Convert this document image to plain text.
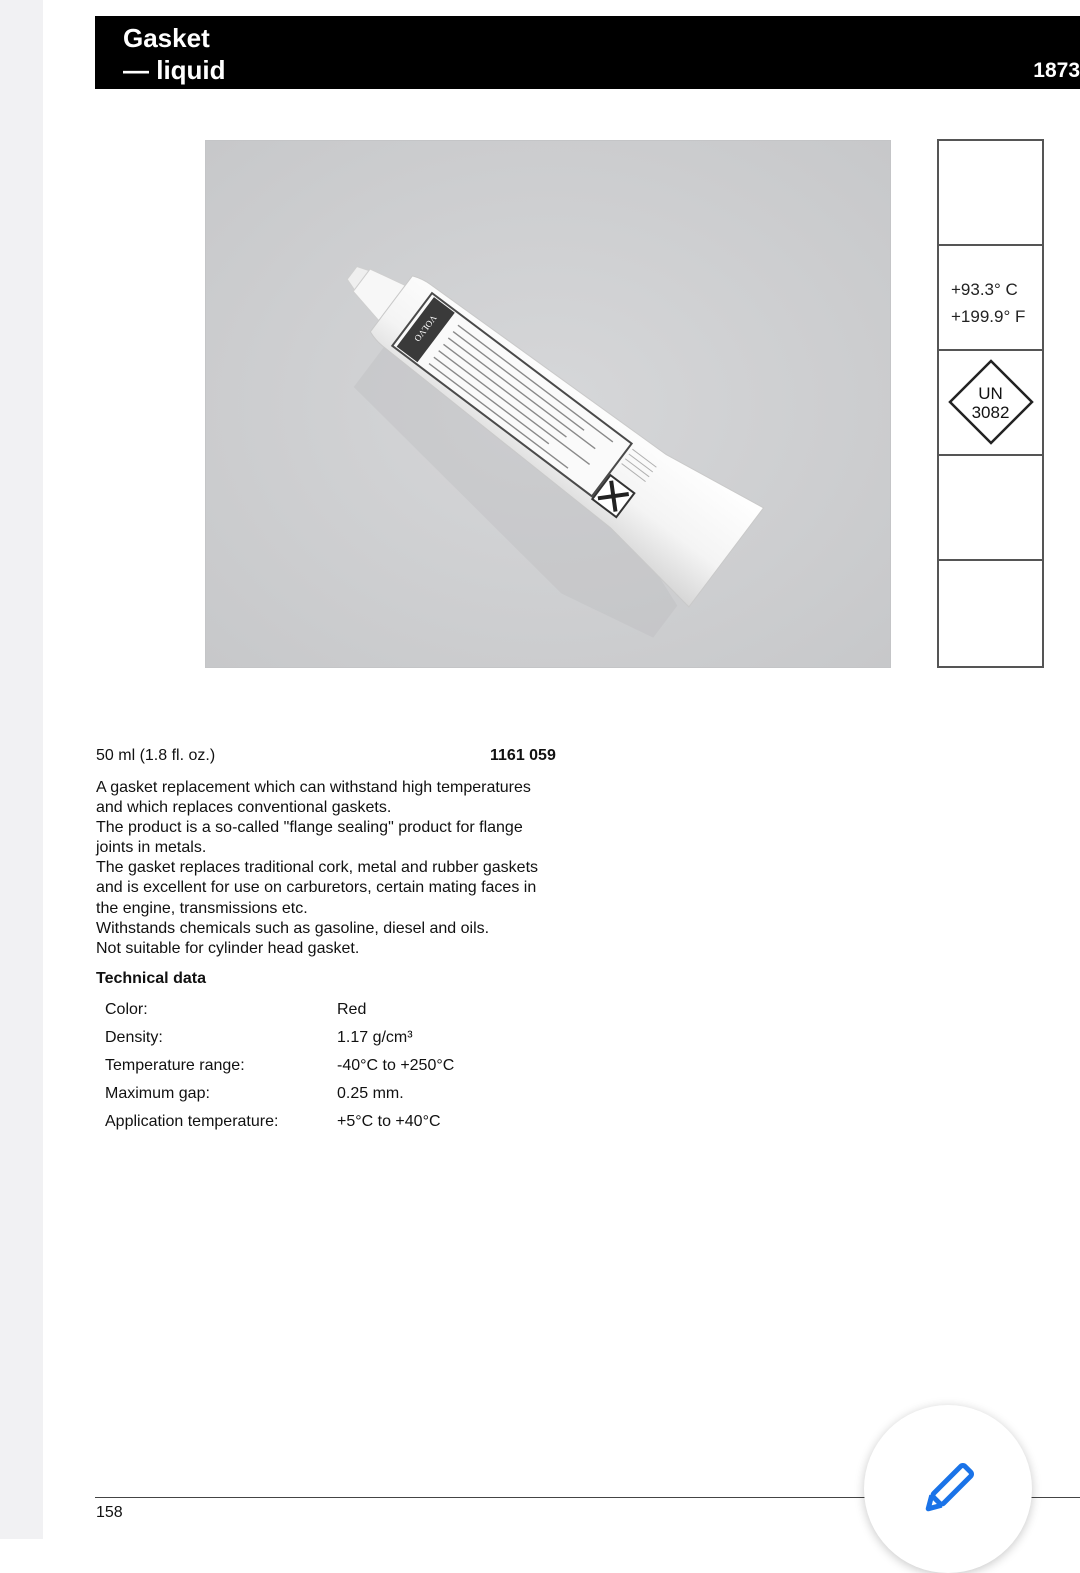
Gasket
— liquid	1873
VOLVO
+93.3° C
+199.9° F
UN
3082
50 ml (1.8 fl. oz.)	1161 059
A gasket replacement which can withstand high temperatures
and which replaces conventional gaskets.
The product is a so-called "flange sealing" product for flange
joints in metals.
The gasket replaces traditional cork, metal and rubber gaskets
and is excellent for use on carburetors, certain mating faces in
the engine, transmissions etc.
Withstands chemicals such as gasoline, diesel and oils.
Not suitable for cylinder head gasket.
Technical data
Color:	Red
Density:	1.17 g/cm³
Temperature range:	-40°C to +250°C
Maximum gap:	0.25 mm.
Application temperature:	+5°C to +40°C
158
